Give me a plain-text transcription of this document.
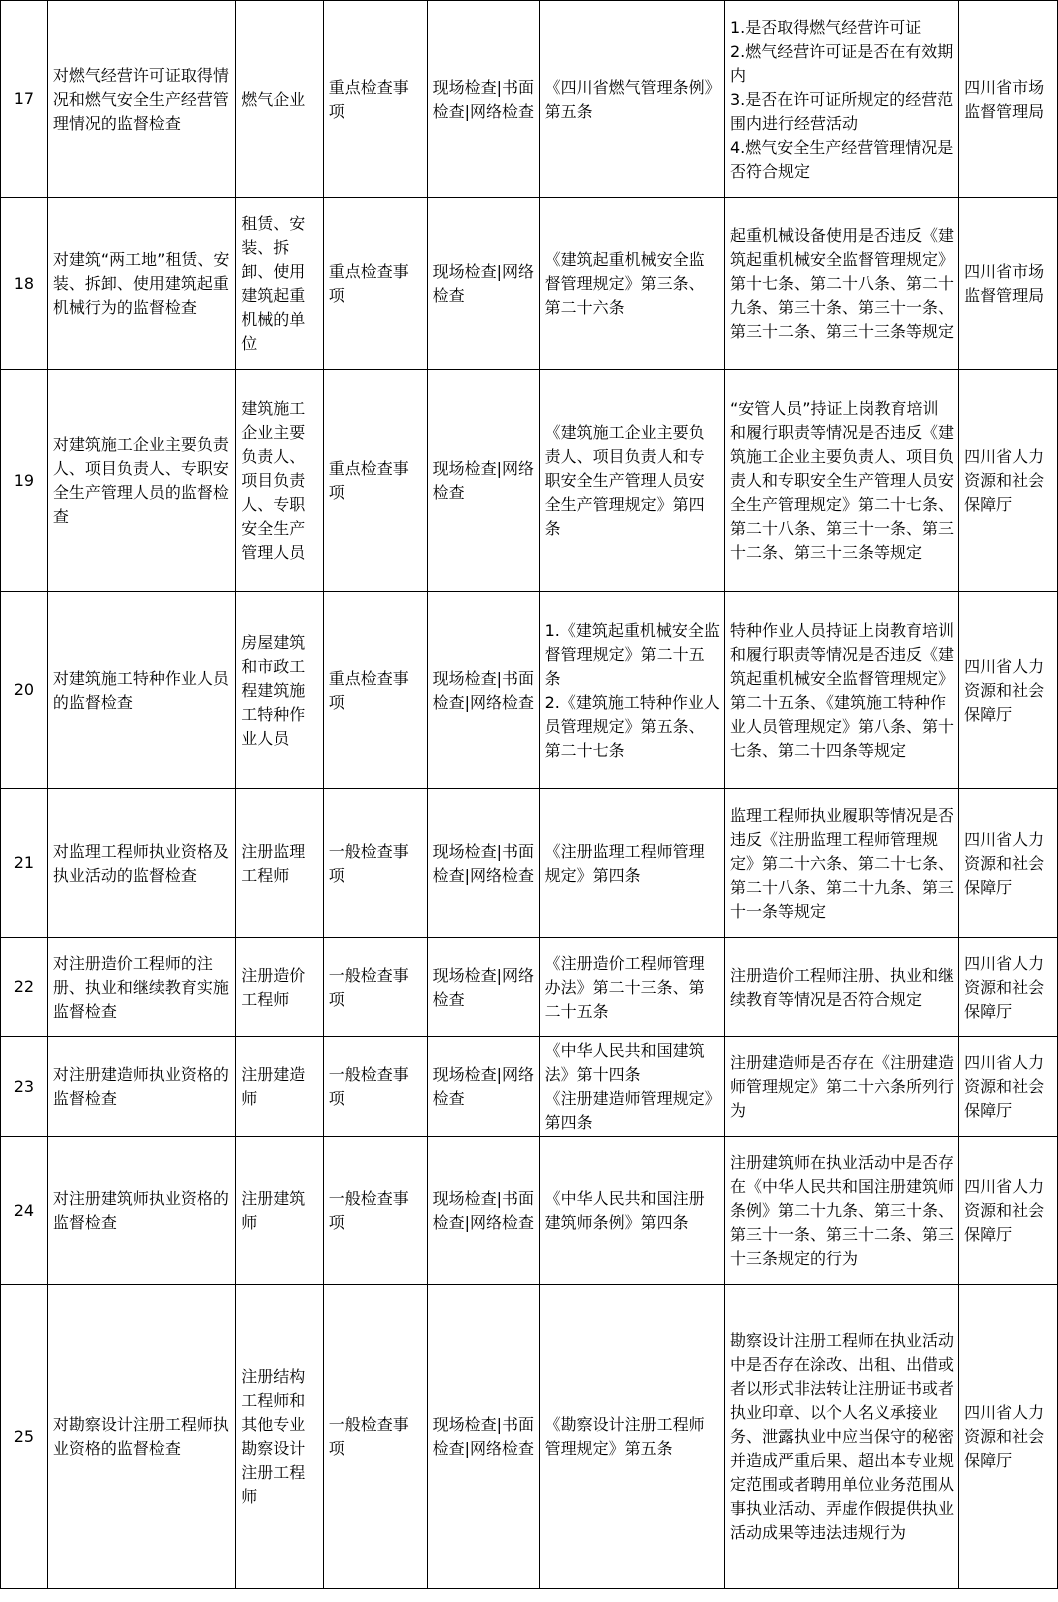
17	对燃气经营许可证取得情况和燃气安全生产经营管理情况的监督检查	燃气企业	重点检查事项	现场检查|书面检查|网络检查	《四川省燃气管理条例》第五条	1.是否取得燃气经营许可证
2.燃气经营许可证是否在有效期内
3.是否在许可证所规定的经营范围内进行经营活动
4.燃气安全生产经营管理情况是否符合规定	四川省市场监督管理局
18	对建筑“两工地”租赁、安装、拆卸、使用建筑起重机械行为的监督检查	租赁、安装、拆卸、使用建筑起重机械的单位	重点检查事项	现场检查|网络检查	《建筑起重机械安全监督管理规定》第三条、第二十六条	起重机械设备使用是否违反《建筑起重机械安全监督管理规定》第十七条、第二十八条、第二十九条、第三十条、第三十一条、第三十二条、第三十三条等规定	四川省市场监督管理局
19	对建筑施工企业主要负责人、项目负责人、专职安全生产管理人员的监督检查	建筑施工企业主要负责人、项目负责人、专职安全生产管理人员	重点检查事项	现场检查|网络检查	《建筑施工企业主要负责人、项目负责人和专职安全生产管理人员安全生产管理规定》第四条	“安管人员”持证上岗教育培训和履行职责等情况是否违反《建筑施工企业主要负责人、项目负责人和专职安全生产管理人员安全生产管理规定》第二十七条、第二十八条、第三十一条、第三十二条、第三十三条等规定	四川省人力资源和社会保障厅
20	对建筑施工特种作业人员的监督检查	房屋建筑和市政工程建筑施工特种作业人员	重点检查事项	现场检查|书面检查|网络检查	1.《建筑起重机械安全监督管理规定》第二十五条
2.《建筑施工特种作业人员管理规定》第五条、第二十七条	特种作业人员持证上岗教育培训和履行职责等情况是否违反《建筑起重机械安全监督管理规定》第二十五条、《建筑施工特种作业人员管理规定》第八条、第十七条、第二十四条等规定	四川省人力资源和社会保障厅
21	对监理工程师执业资格及执业活动的监督检查	注册监理工程师	一般检查事项	现场检查|书面检查|网络检查	《注册监理工程师管理规定》第四条	监理工程师执业履职等情况是否违反《注册监理工程师管理规定》第二十六条、第二十七条、第二十八条、第二十九条、第三十一条等规定	四川省人力资源和社会保障厅
22	对注册造价工程师的注册、执业和继续教育实施监督检查	注册造价工程师	一般检查事项	现场检查|网络检查	《注册造价工程师管理办法》第二十三条、第二十五条	注册造价工程师注册、执业和继续教育等情况是否符合规定	四川省人力资源和社会保障厅
23	对注册建造师执业资格的监督检查	注册建造师	一般检查事项	现场检查|网络检查	《中华人民共和国建筑法》第十四条
《注册建造师管理规定》第四条	注册建造师是否存在《注册建造师管理规定》第二十六条所列行为	四川省人力资源和社会保障厅
24	对注册建筑师执业资格的监督检查	注册建筑师	一般检查事项	现场检查|书面检查|网络检查	《中华人民共和国注册建筑师条例》第四条	注册建筑师在执业活动中是否存在《中华人民共和国注册建筑师条例》第二十九条、第三十条、第三十一条、第三十二条、第三十三条规定的行为	四川省人力资源和社会保障厅
25	对勘察设计注册工程师执业资格的监督检查	注册结构工程师和其他专业勘察设计注册工程师	一般检查事项	现场检查|书面检查|网络检查	《勘察设计注册工程师管理规定》第五条	勘察设计注册工程师在执业活动中是否存在涂改、出租、出借或者以形式非法转让注册证书或者执业印章、以个人名义承接业务、泄露执业中应当保守的秘密并造成严重后果、超出本专业规定范围或者聘用单位业务范围从事执业活动、弄虚作假提供执业活动成果等违法违规行为	四川省人力资源和社会保障厅
